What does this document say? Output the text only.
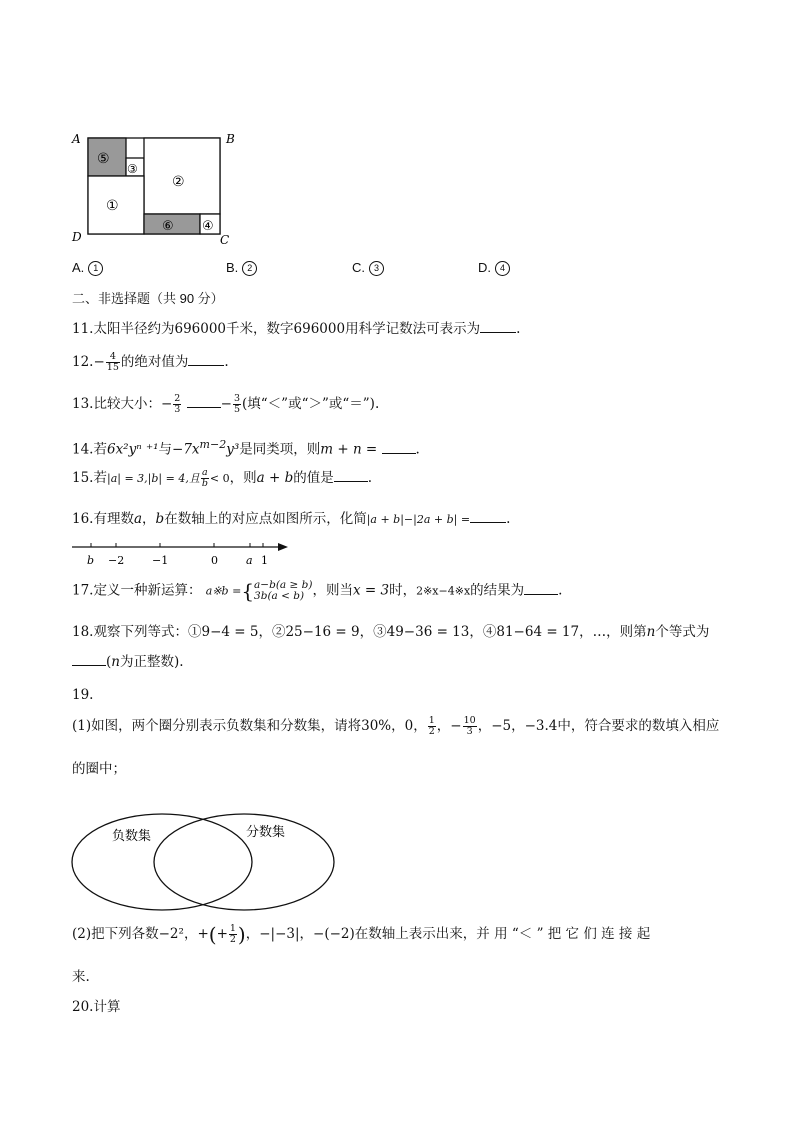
A	B
D	C
⑤
③
②
①
⑥ ④
A. 1	B. 2	C. 3	D. 4
二、非选择题（共 90 分）
11.太阳半径约为696000千米，数字696000用科学记数法可表示为	.
$12.- \frac{4}{15}$ 的绝对值为	.
13.比较大小：− $\frac{2}{3}$	− $\frac{3}{5}$ (填“＜”或“＞”或“＝”).
14.若6x²yⁿ ⁺¹与$-7x^{m-2}y^3$是同类项，则m + n =	.
15.若|a| = 3,|b| = 4,且 $\frac{a}{b} < 0$，则a + b的值是	.
16.有理数a，b在数轴上的对应点如图所示，化简|a + b|−|2a + b| =	.
b −2	−1	0	a 1
17.定义一种新运算： a※b ={ a−b(a ≥ b)
3b(a < b) ，则当x = 3时，2※x−4※x的结果为	.
18.观察下列等式：①9−4 = 5，②25−16 = 9，③49−36 = 13，④81−64 = 17，…，则第n个等式为
(n为正整数).
19.
(1)如图，两个圈分别表示负数集和分数集，请将30%，0， $\frac{1}{2}$ ，− $\frac{10}{3}$ ，−5，−3.4中，符合要求的数填入相应
的圈中；
负数集	分数集
(2)把下列各数−2²，+(+ $\frac{1}{2}$ )，−|−3|，−(−2)在数轴上表示出来，并 用 “＜ ” 把 它 们 连 接 起
来.
20.计算
